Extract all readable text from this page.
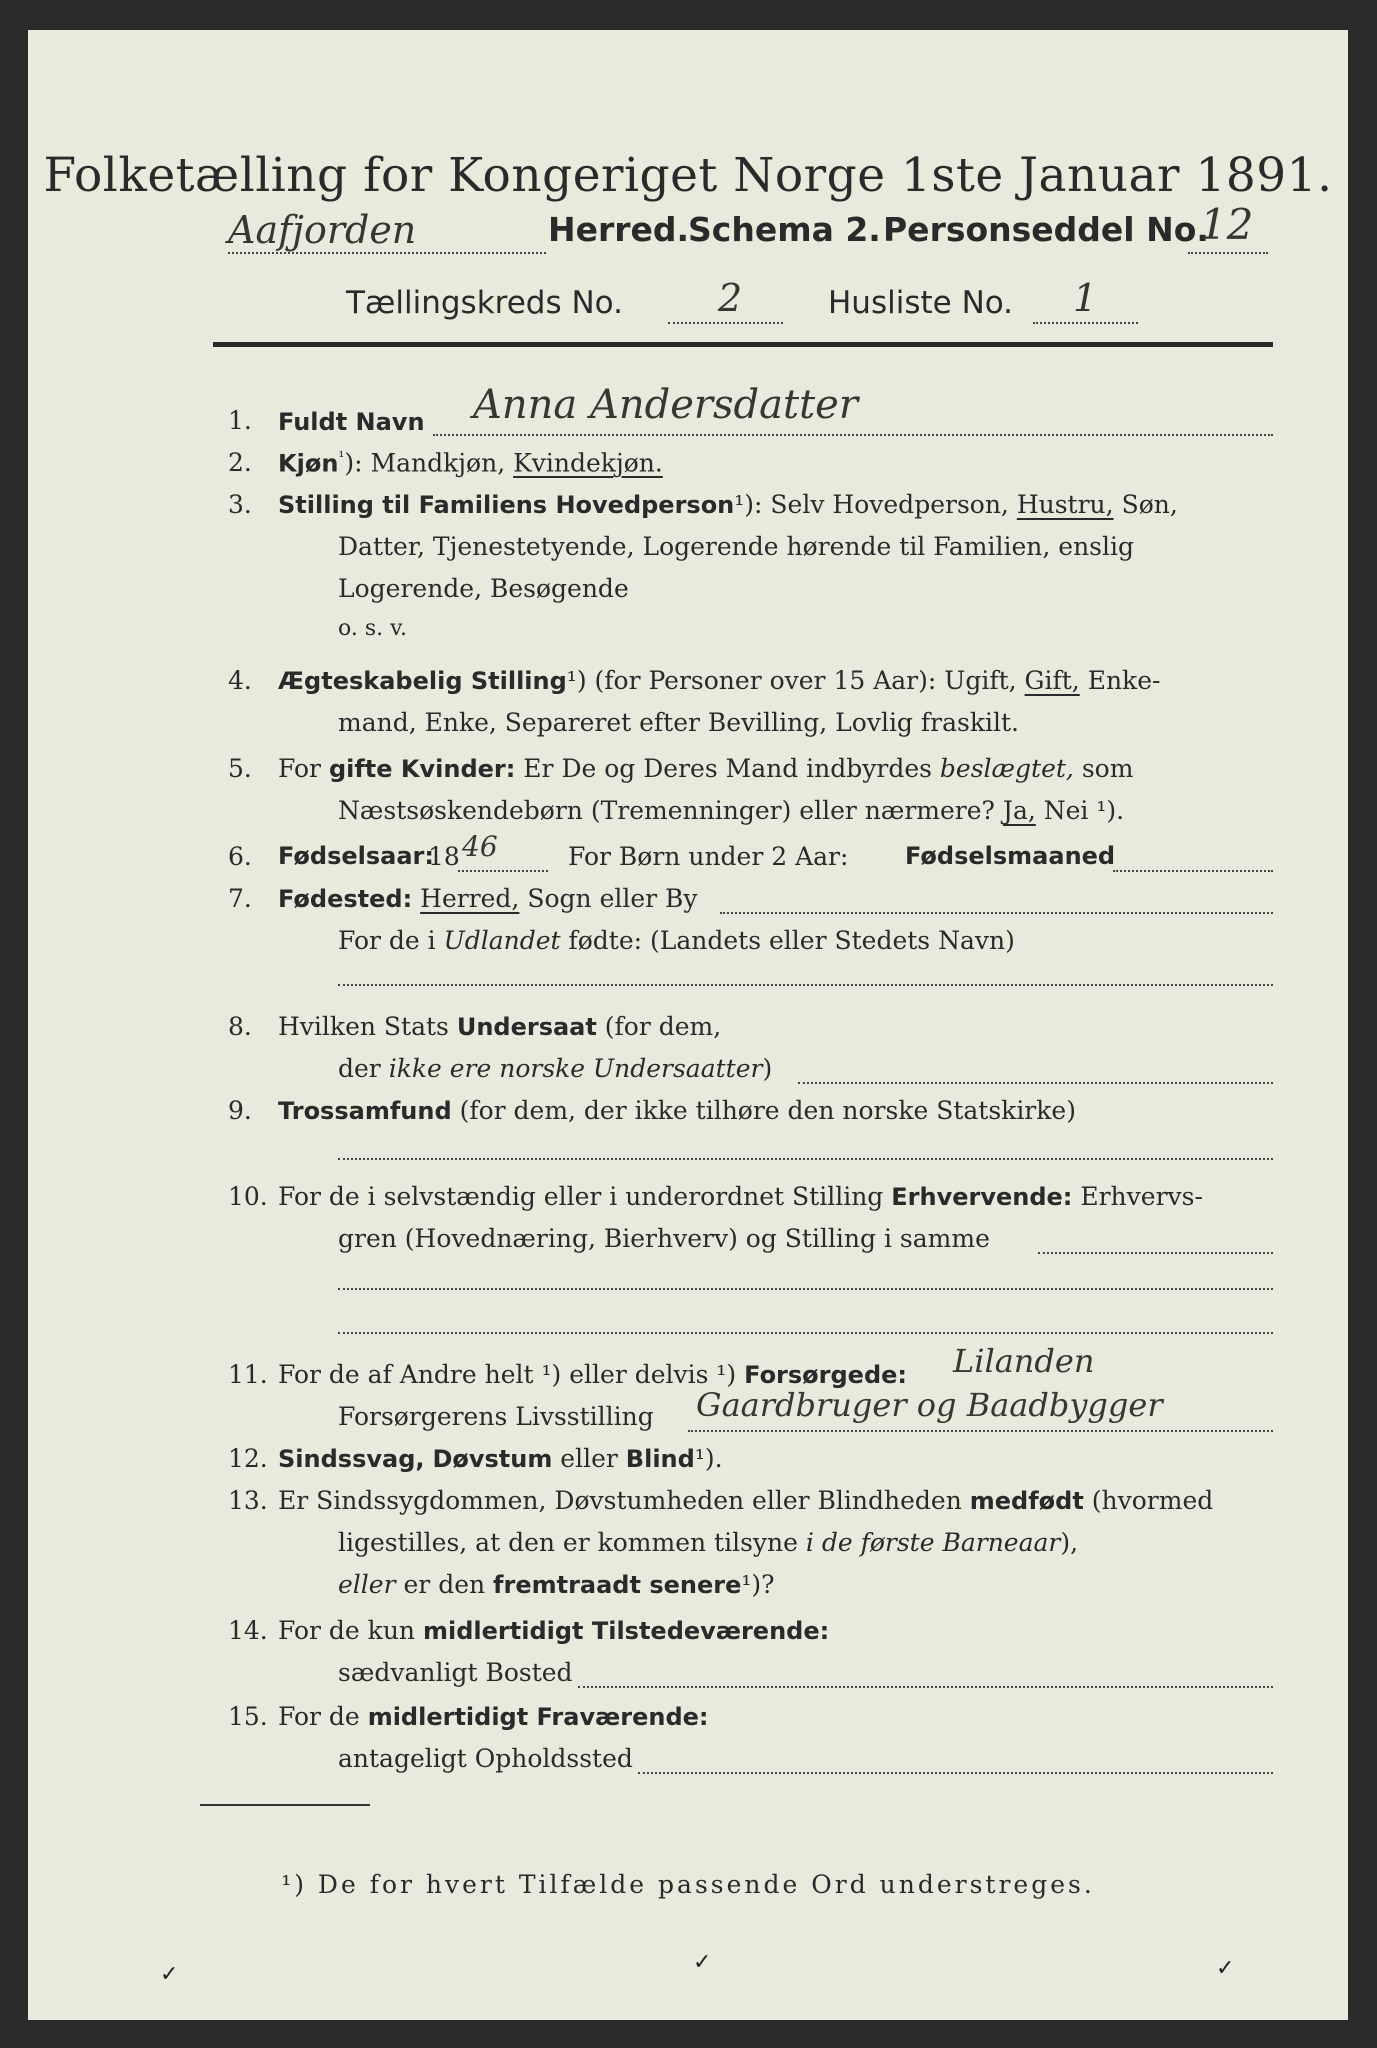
Folketælling for Kongeriget Norge 1ste Januar 1891.
Aafjorden	Herred.
Schema 2. Personseddel No.
12
Tællingskreds No.	2	Husliste No. 1
1. Fuldt Navn Anna Andersdatter
2. Kjøn$^{^1}$): Mandkjøn, Kvindekjøn.
3. Stilling til Familiens Hovedperson¹): Selv Hovedperson, Hustru, Søn,
Datter, Tjenestetyende, Logerende hørende til Familien, enslig
Logerende, Besøgende
o. s. v.
4. Ægteskabelig Stilling¹) (for Personer over 15 Aar): Ugift, Gift, Enke-
mand, Enke, Separeret efter Bevilling, Lovlig fraskilt.
5. For gifte Kvinder: Er De og Deres Mand indbyrdes beslægtet, som
Næstsøskendebørn (Tremenninger) eller nærmere? Ja, Nei ¹).
6. Fødselsaar:
18 46	For Børn under 2 Aar: Fødselsmaaned
7. Fødested: Herred, Sogn eller By
For de i Udlandet fødte: (Landets eller Stedets Navn)
8. Hvilken Stats Undersaat (for dem,
der ikke ere norske Undersaatter)
9. Trossamfund (for dem, der ikke tilhøre den norske Statskirke)
10. For de i selvstændig eller i underordnet Stilling Erhvervende: Erhvervs-
gren (Hovednæring, Bierhverv) og Stilling i samme
11. For de af Andre helt ¹) eller delvis ¹) Forsørgede: Lilanden
Forsørgerens Livsstilling Gaardbruger og Baadbygger
12. Sindssvag, Døvstum eller Blind¹).
13. Er Sindssygdommen, Døvstumheden eller Blindheden medfødt (hvormed
ligestilles, at den er kommen tilsyne i de første Barneaar),
eller er den fremtraadt senere¹)?
14. For de kun midlertidigt Tilstedeværende:
sædvanligt Bosted
15. For de midlertidigt Fraværende:
antageligt Opholdssted
¹) De for hvert Tilfælde passende Ord understreges.
✓	✓	✓
